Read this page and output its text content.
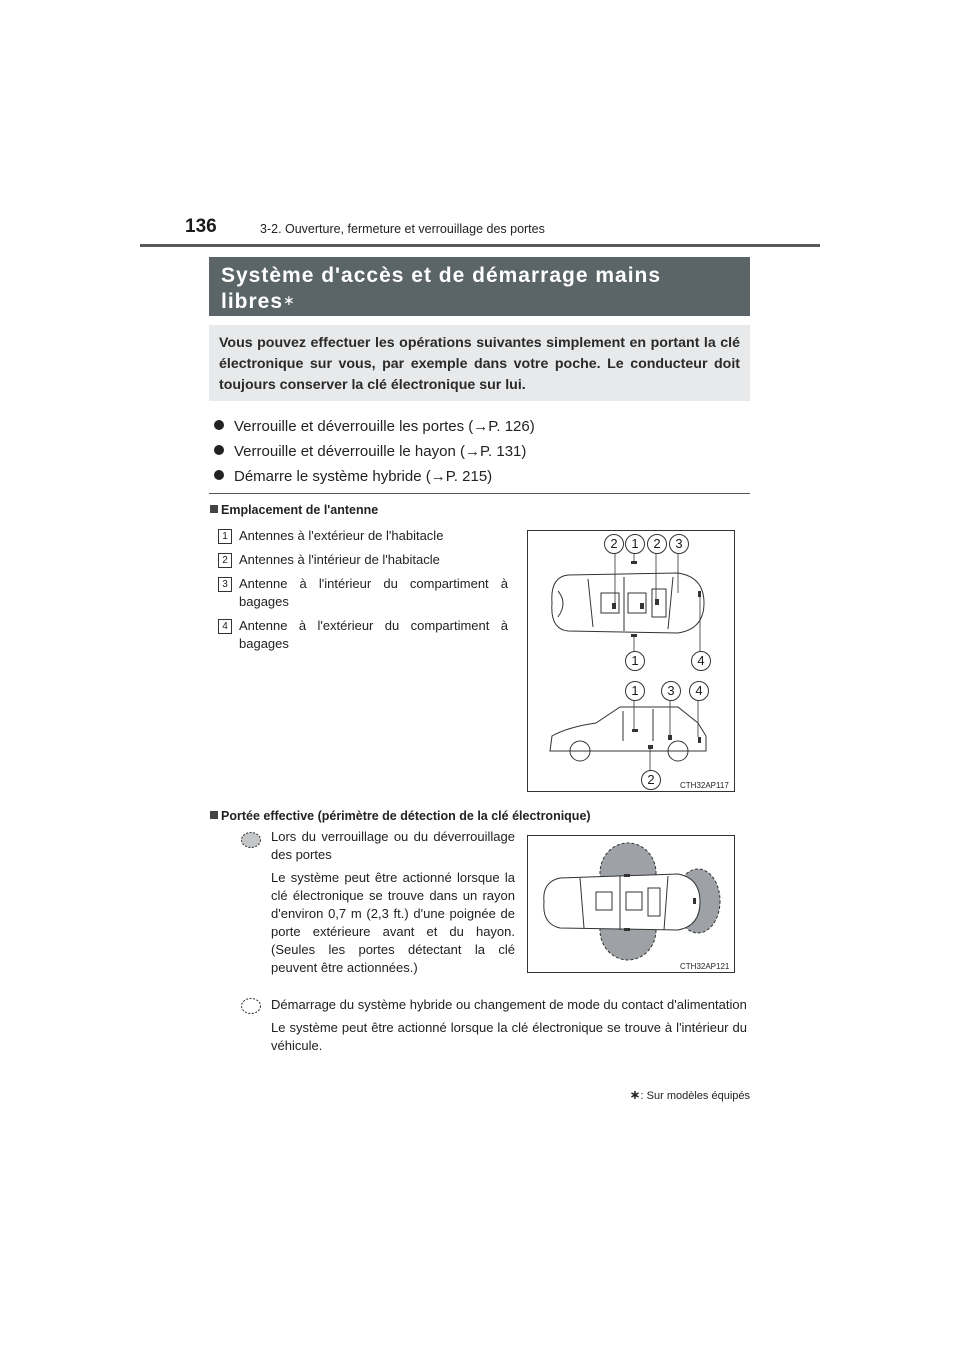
136	3-2. Ouverture, fermeture et verrouillage des portes
Système d'accès et de démarrage mains libres∗
Vous pouvez effectuer les opérations suivantes simplement en portant la clé électronique sur vous, par exemple dans votre poche. Le conducteur doit toujours conserver la clé électronique sur lui.
Verrouille et déverrouille les portes (→P. 126)
Verrouille et déverrouille le hayon (→P. 131)
Démarre le système hybride (→P. 215)
Emplacement de l'antenne
1 Antennes à l'extérieur de l'habitacle
2 Antennes à l'intérieur de l'habitacle
3 Antenne à l'intérieur du compartiment à bagages
4 Antenne à l'extérieur du compartiment à bagages
2	1	2	3
1	4
1	3	4
2	CTH32AP117
Portée effective (périmètre de détection de la clé électronique)

Lors du verrouillage ou du déverrouillage des portes

Le système peut être actionné lorsque la clé électronique se trouve dans un rayon d'environ 0,7 m (2,3 ft.) d'une poignée de porte extérieure avant et du hayon. (Seules les portes détectant la clé peuvent être actionnées.)	CTH32AP121

Démarrage du système hybride ou changement de mode du contact d'alimentation

Le système peut être actionné lorsque la clé électronique se trouve à l'intérieur du véhicule.

∗: Sur modèles équipés
